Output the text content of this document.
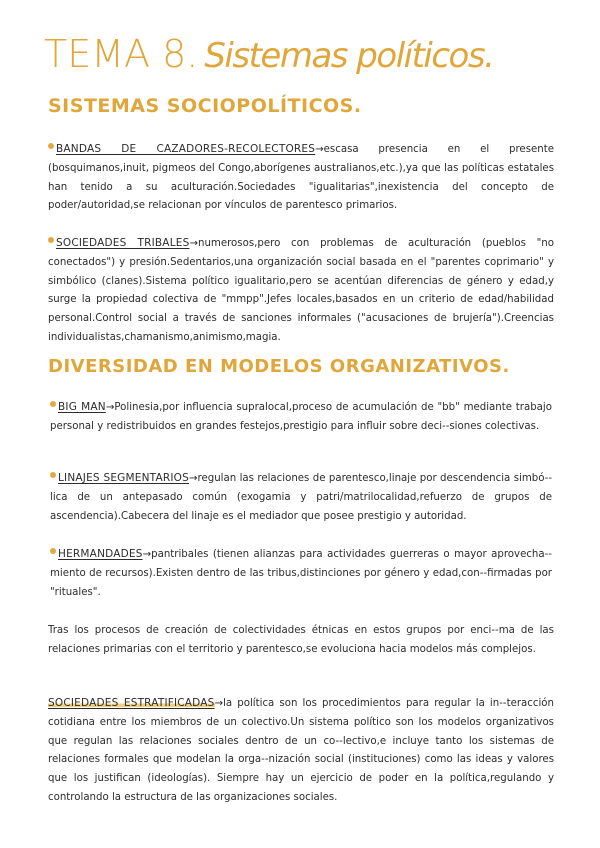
TEMA 8. Sistemas políticos.
SISTEMAS SOCIOPOLÍTICOS.
BANDAS DE CAZADORES-RECOLECTORES→escasa presencia en el presente (bosquimanos,inuit, pigmeos del Congo,aborígenes australianos,etc.),ya que las políticas estatales han tenido a su aculturación.Sociedades "igualitarias",inexistencia del concepto de poder/autoridad,se relacionan por vínculos de parentesco primarios.
SOCIEDADES TRIBALES→numerosos,pero con problemas de aculturación (pueblos "no conectados") y presión.Sedentarios,una organización social basada en el "parentes coprimario" y simbólico (clanes).Sistema político igualitario,pero se acentúan diferencias de género y edad,y surge la propiedad colectiva de "mmpp".Jefes locales,basados en un criterio de edad/habilidad personal.Control social a través de sanciones informales ("acusaciones de brujería").Creencias individualistas,chamanismo,animismo,magia.
DIVERSIDAD EN MODELOS ORGANIZATIVOS.
BIG MAN→Polinesia,por influencia supralocal,proceso de acumulación de "bb" mediante trabajo personal y redistribuidos en grandes festejos,prestigio para influir sobre deci--siones colectivas.
LINAJES SEGMENTARIOS→regulan las relaciones de parentesco,linaje por descendencia simbó--lica de un antepasado común (exogamia y patri/matrilocalidad,refuerzo de grupos de ascendencia).Cabecera del linaje es el mediador que posee prestigio y autoridad.
HERMANDADES→pantribales (tienen alianzas para actividades guerreras o mayor aprovecha--miento de recursos).Existen dentro de las tribus,distinciones por género y edad,con--firmadas por "rituales".
Tras los procesos de creación de colectividades étnicas en estos grupos por enci--ma de las relaciones primarias con el territorio y parentesco,se evoluciona hacia modelos más complejos.
SOCIEDADES ESTRATIFICADAS→la política son los procedimientos para regular la in--teracción cotidiana entre los miembros de un colectivo.Un sistema político son los modelos organizativos que regulan las relaciones sociales dentro de un co--lectivo,e incluye tanto los sistemas de relaciones formales que modelan la orga--nización social (instituciones) como las ideas y valores que los justifican (ideologías). Siempre hay un ejercicio de poder en la política,regulando y controlando la estructura de las organizaciones sociales.
